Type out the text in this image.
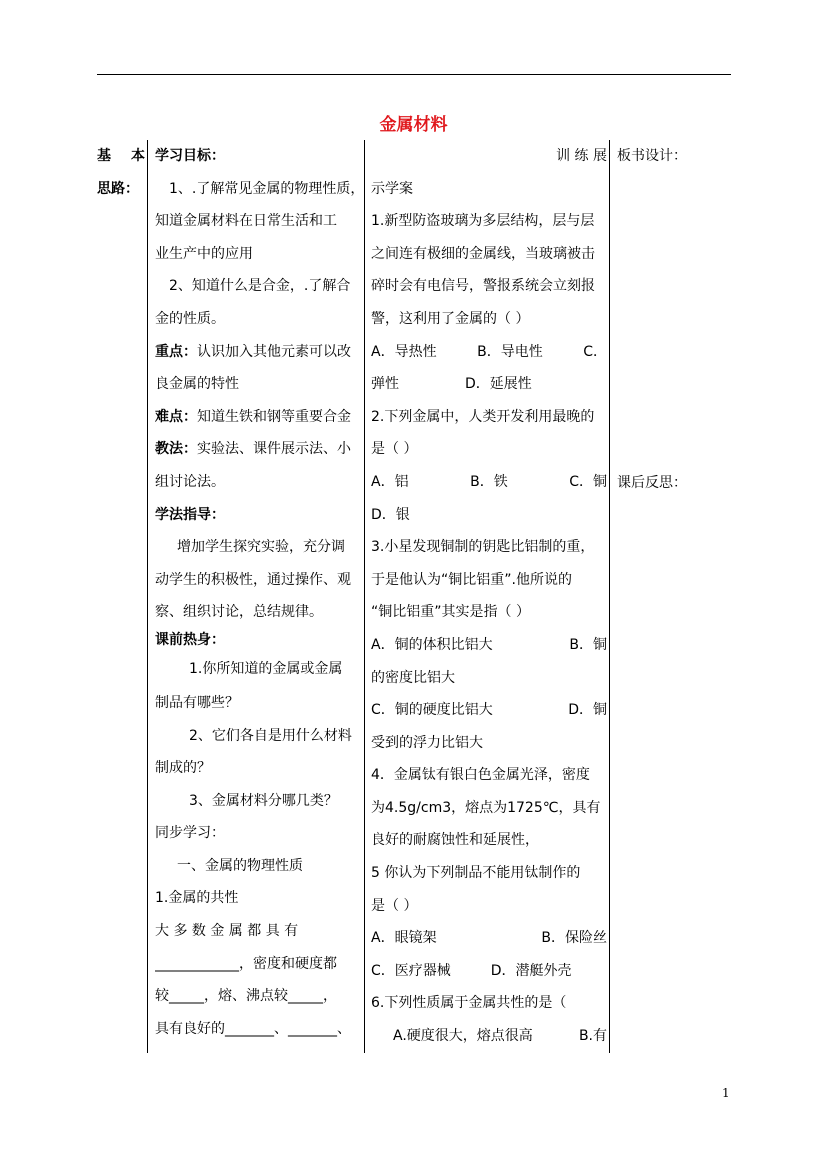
金属材料
基 本
思路：
学习目标：
1、.了解常见金属的物理性质，
知道金属材料在日常生活和工
业生产中的应用
2、知道什么是合金，.了解合
金的性质。
重点：认识加入其他元素可以改
良金属的特性
难点：知道生铁和钢等重要合金
教法：实验法、课件展示法、小
组讨论法。
学法指导：
增加学生探究实验，充分调
动学生的积极性，通过操作、观
察、组织讨论，总结规律。
课前热身：
1.你所知道的金属或金属
制品有哪些？
2、它们各自是用什么材料
制成的？
3、金属材料分哪几类？
同步学习：
一、金属的物理性质
1.金属的共性
大 多 数 金 属 都 具 有
____________，密度和硬度都
较_____，熔、沸点较_____，
具有良好的_______、_______、
训 练 展
示学案
1.新型防盗玻璃为多层结构，层与层
之间连有极细的金属线，当玻璃被击
碎时会有电信号，警报系统会立刻报
警，这利用了金属的（ ）
A．导热性	B．导电性	C．
弹性	D．延展性
2.下列金属中，人类开发利用最晚的
是（ ）
A．铝	B．铁	C．铜
D．银
3.小星发现铜制的钥匙比铝制的重，
于是他认为“铜比铝重”.他所说的
“铜比铝重”其实是指（ ）
A．铜的体积比铝大	B．铜
的密度比铝大
C．铜的硬度比铝大	D．铜
受到的浮力比铝大
4．金属钛有银白色金属光泽，密度
为4.5g/cm3，熔点为1725℃，具有
良好的耐腐蚀性和延展性，
5 你认为下列制品不能用钛制作的
是（ ）
A．眼镜架	B．保险丝
C．医疗器械	D．潜艇外壳
6.下列性质属于金属共性的是（
A.硬度很大，熔点很高	B.有
板书设计：
课后反思：
1
